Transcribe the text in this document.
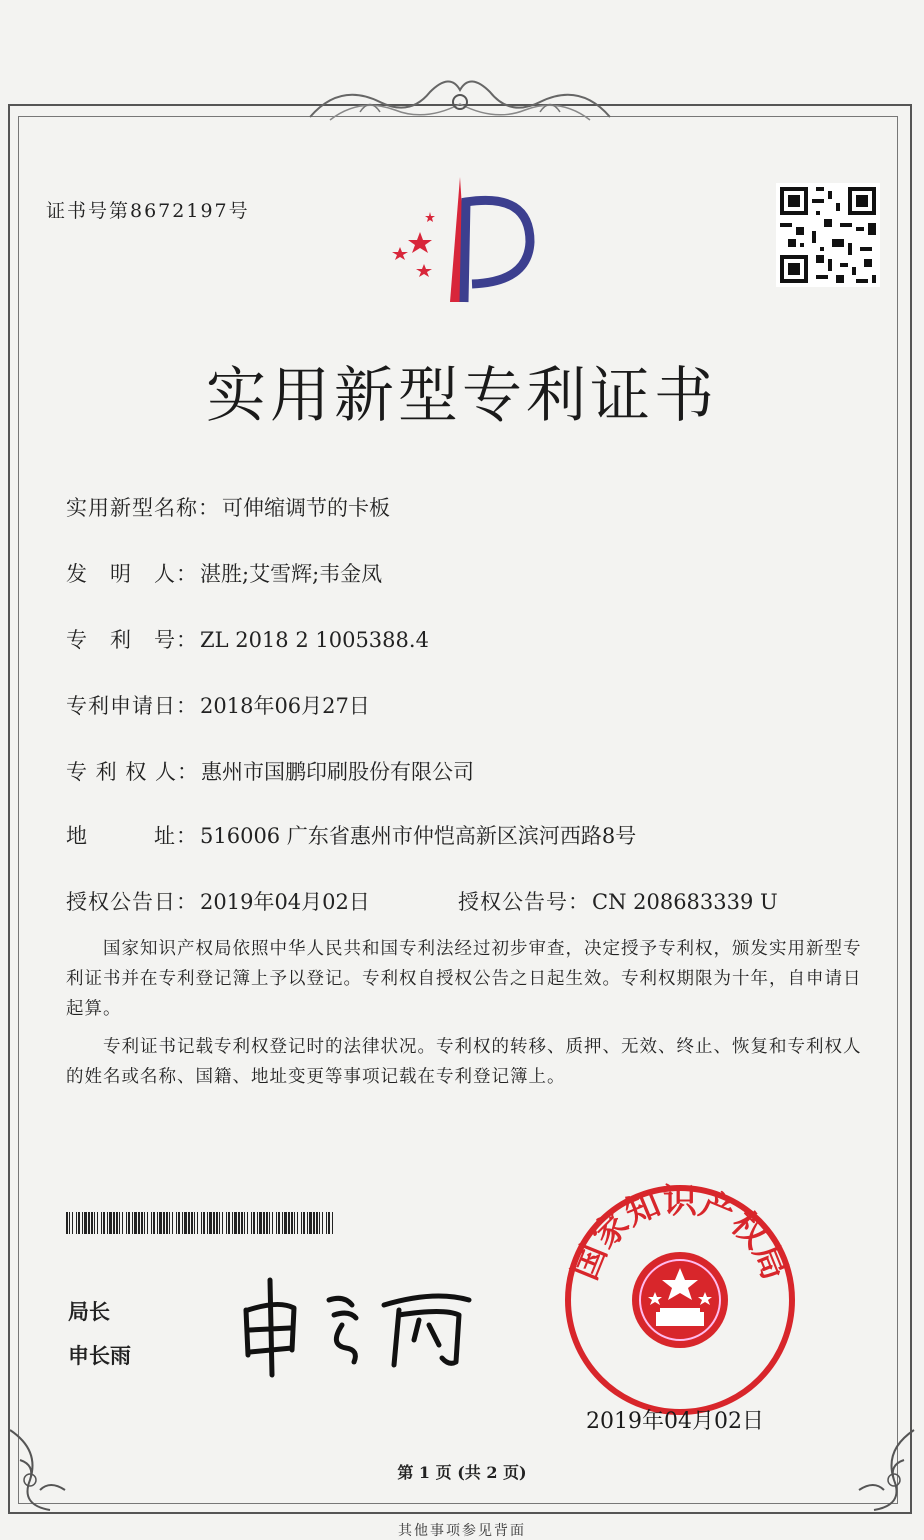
证书号第8672197号
实用新型专利证书
实用新型名称：可伸缩调节的卡板
发　明　人：湛胜;艾雪辉;韦金凤
专　利　号：ZL 2018 2 1005388.4
专利申请日：2018年06月27日
专 利 权 人：惠州市国鹏印刷股份有限公司
地　　　址：516006 广东省惠州市仲恺高新区滨河西路8号
授权公告日：2019年04月02日	授权公告号：CN 208683339 U
　　国家知识产权局依照中华人民共和国专利法经过初步审查，决定授予专利权，颁发实用新型专利证书并在专利登记簿上予以登记。专利权自授权公告之日起生效。专利权期限为十年，自申请日起算。
　　专利证书记载专利权登记时的法律状况。专利权的转移、质押、无效、终止、恢复和专利权人的姓名或名称、国籍、地址变更等事项记载在专利登记簿上。
局长
申长雨
国家知识产权局
2019年04月02日
第 1 页 (共 2 页)
其他事项参见背面
